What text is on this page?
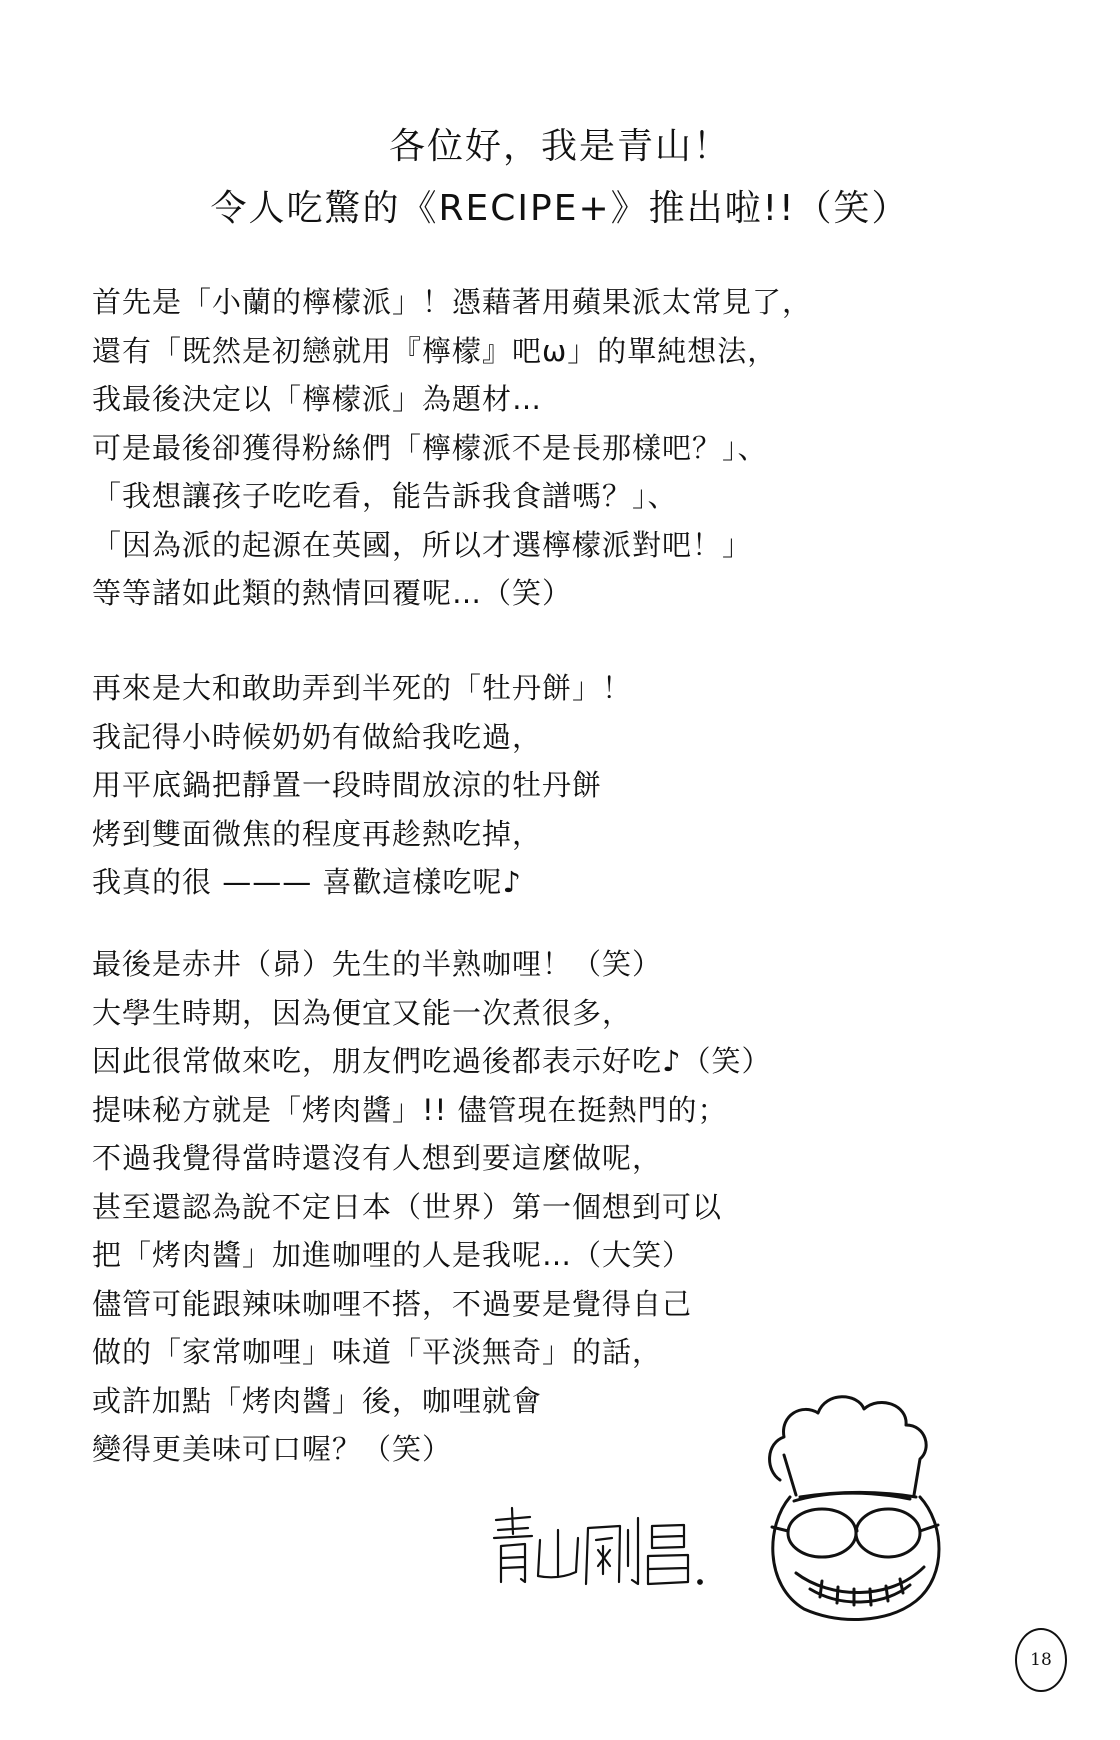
各位好，我是青山！
令人吃驚的《RECIPE+》推出啦!!（笑）
首先是「小蘭的檸檬派」！憑藉著用蘋果派太常見了，
還有「既然是初戀就用『檸檬』吧ω」的單純想法，
我最後決定以「檸檬派」為題材…
可是最後卻獲得粉絲們「檸檬派不是長那樣吧？」、
「我想讓孩子吃吃看，能告訴我食譜嗎？」、
「因為派的起源在英國，所以才選檸檬派對吧！」
等等諸如此類的熱情回覆呢…（笑）
再來是大和敢助弄到半死的「牡丹餅」！
我記得小時候奶奶有做給我吃過，
用平底鍋把靜置一段時間放涼的牡丹餅
烤到雙面微焦的程度再趁熱吃掉，
我真的很 ——— 喜歡這樣吃呢♪
最後是赤井（昴）先生的半熟咖哩！（笑）
大學生時期，因為便宜又能一次煮很多，
因此很常做來吃，朋友們吃過後都表示好吃♪（笑）
提味秘方就是「烤肉醬」!! 儘管現在挺熱門的；
不過我覺得當時還沒有人想到要這麼做呢，
甚至還認為說不定日本（世界）第一個想到可以
把「烤肉醬」加進咖哩的人是我呢…（大笑）
儘管可能跟辣味咖哩不搭，不過要是覺得自己
做的「家常咖哩」味道「平淡無奇」的話，
或許加點「烤肉醬」後，咖哩就會
變得更美味可口喔？（笑）
18
